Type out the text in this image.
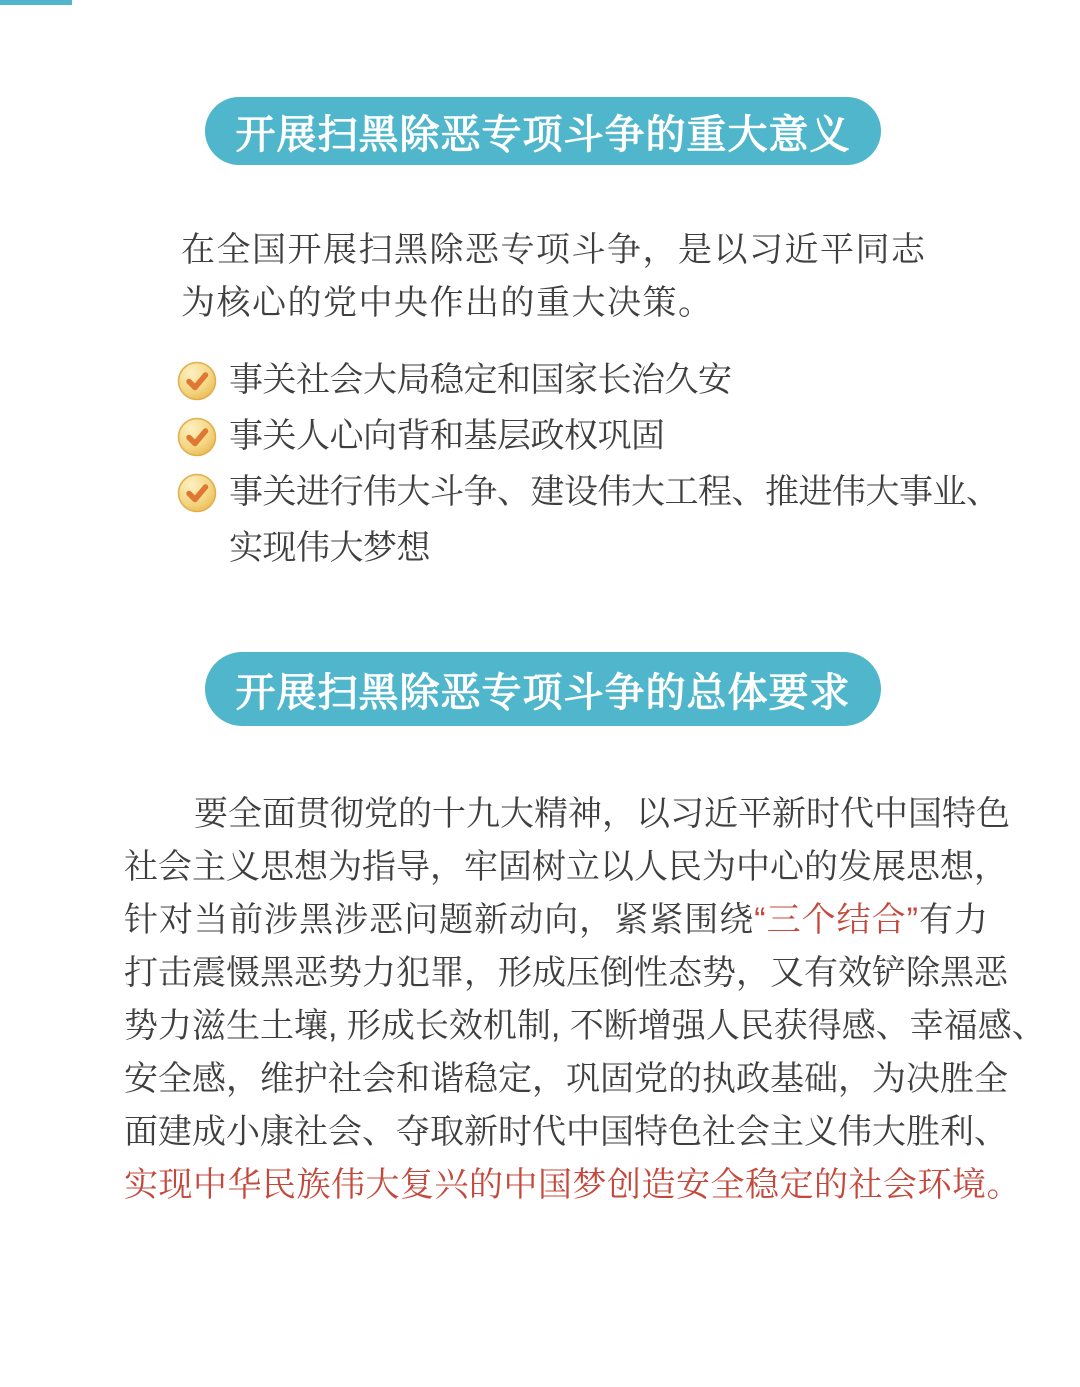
开展扫黑除恶专项斗争的重大意义
在全国开展扫黑除恶专项斗争，是以习近平同志
为核心的党中央作出的重大决策。
事关社会大局稳定和国家长治久安
事关人心向背和基层政权巩固
事关进行伟大斗争、建设伟大工程、推进伟大事业、
实现伟大梦想
开展扫黑除恶专项斗争的总体要求
要全面贯彻党的十九大精神，以习近平新时代中国特色
社会主义思想为指导，牢固树立以人民为中心的发展思想，
针对当前涉黑涉恶问题新动向，紧紧围绕“三个结合”有力
打击震慑黑恶势力犯罪，形成压倒性态势，又有效铲除黑恶
势力滋生土壤, 形成长效机制, 不断增强人民获得感、幸福感、
安全感，维护社会和谐稳定，巩固党的执政基础，为决胜全
面建成小康社会、夺取新时代中国特色社会主义伟大胜利、
实现中华民族伟大复兴的中国梦创造安全稳定的社会环境。
